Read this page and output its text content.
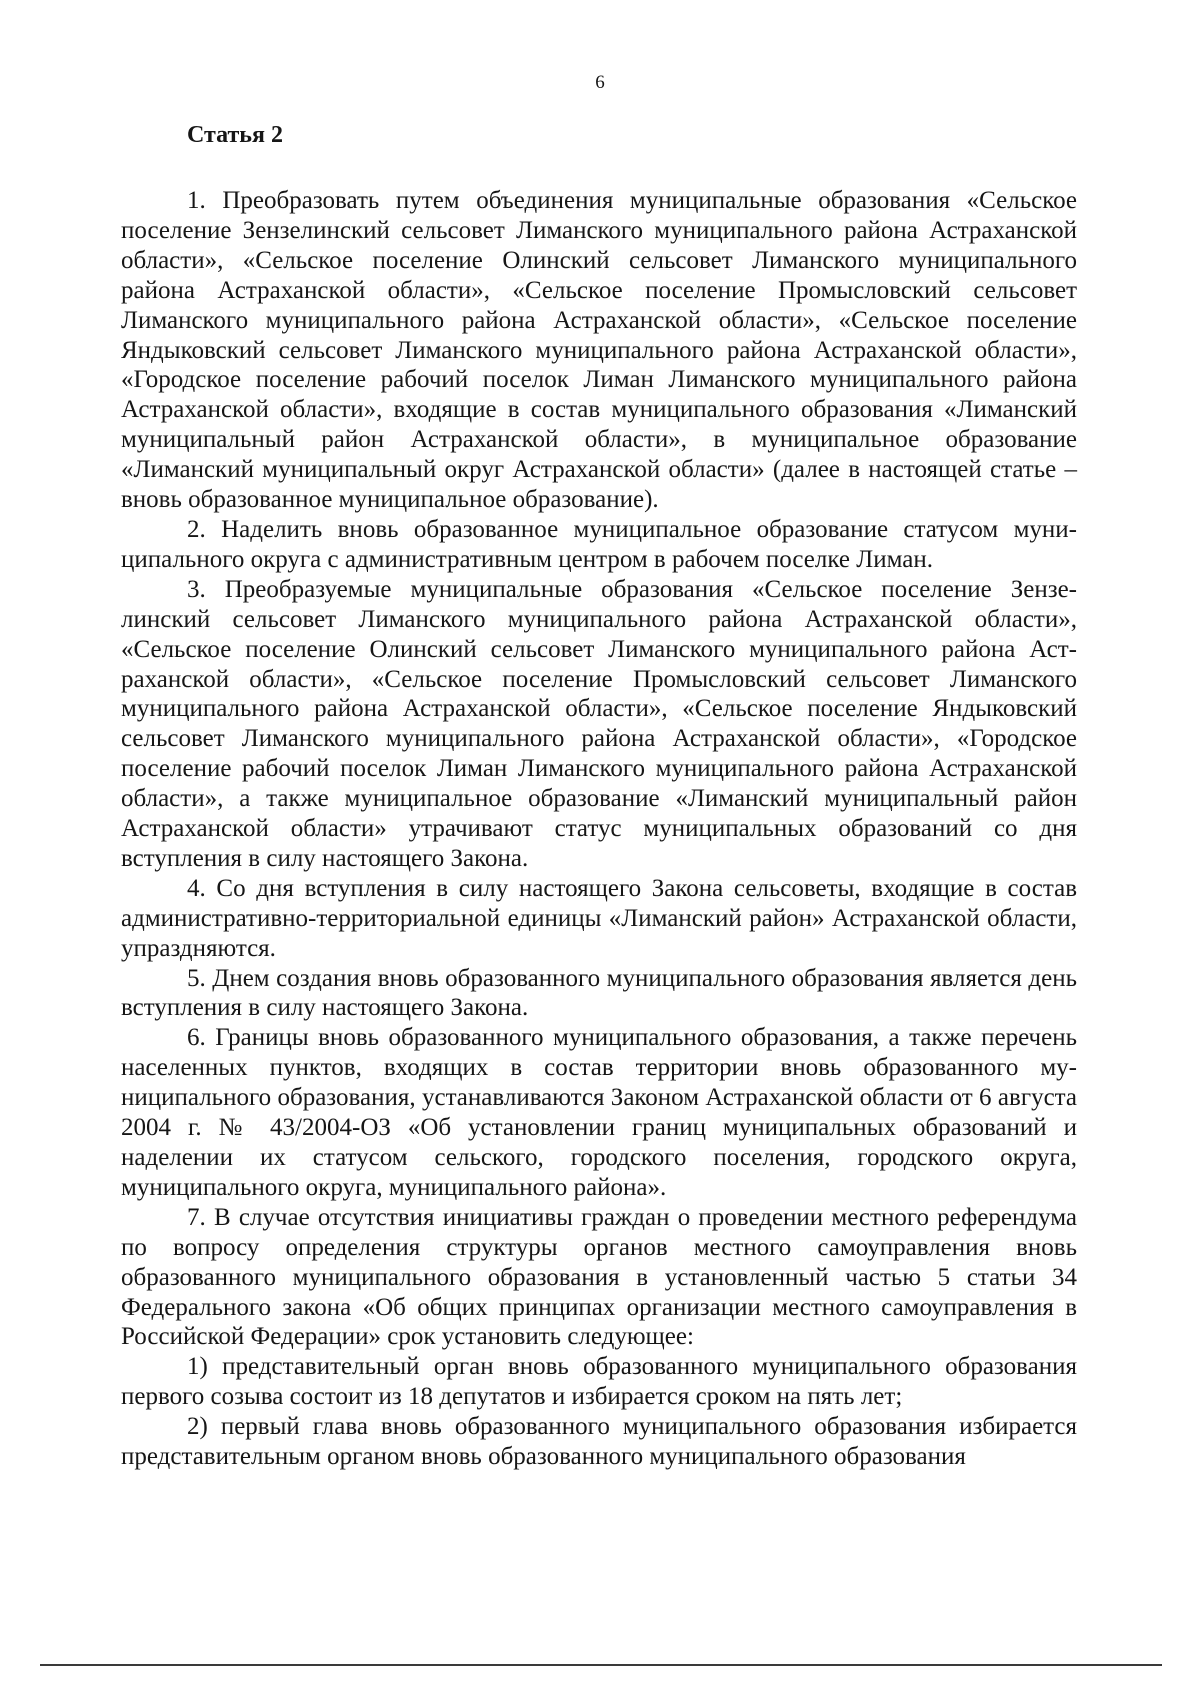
6
Статья 2

1. Преобразовать путем объединения муниципальные образования «Сельское поселение Зензелинский сельсовет Лиманского муниципального района Астраханской области», «Сельское поселение Олинский сельсовет Лиманского муниципального района Астраханской области», «Сельское поселение Промысловский сельсовет Лиманского муниципального района Астраханской области», «Сельское поселение Яндыковский сельсовет Лиманского муниципального района Астраханской области», «Городское поселение рабочий поселок Лиман Лиманского муниципального района Астраханской области», входящие в состав муниципального образования «Лиманский муниципальный район Астраханской области», в муниципальное образование «Лиманский муниципальный округ Астраханской области» (далее в настоящей статье – вновь образованное муниципальное образование).

2. Наделить вновь образованное муниципальное образование статусом муниципального округа с административным центром в рабочем поселке Лиман.

3. Преобразуемые муниципальные образования «Сельское поселение Зензелинский сельсовет Лиманского муниципального района Астраханской области», «Сельское поселение Олинский сельсовет Лиманского муниципального района Астраханской области», «Сельское поселение Промысловский сельсовет Лиманского муниципального района Астраханской области», «Сельское поселение Яндыковский сельсовет Лиманского муниципального района Астраханской области», «Городское поселение рабочий поселок Лиман Лиманского муниципального района Астраханской области», а также муниципальное образование «Лиманский муниципальный район Астраханской области» утрачивают статус муниципальных образований со дня вступления в силу настоящего Закона.

4. Со дня вступления в силу настоящего Закона сельсоветы, входящие в состав административно-территориальной единицы «Лиманский район» Астраханской области, упраздняются.

5. Днем создания вновь образованного муниципального образования является день вступления в силу настоящего Закона.

6. Границы вновь образованного муниципального образования, а также перечень населенных пунктов, входящих в состав территории вновь образованного муниципального образования, устанавливаются Законом Астраханской области от 6 августа 2004 г. № 43/2004-ОЗ «Об установлении границ муниципальных образований и наделении их статусом сельского, городского поселения, городского округа, муниципального округа, муниципального района».

7. В случае отсутствия инициативы граждан о проведении местного референдума по вопросу определения структуры органов местного самоуправления вновь образованного муниципального образования в установленный частью 5 статьи 34 Федерального закона «Об общих принципах организации местного самоуправления в Российской Федерации» срок установить следующее:

1) представительный орган вновь образованного муниципального образования первого созыва состоит из 18 депутатов и избирается сроком на пять лет;

2) первый глава вновь образованного муниципального образования избирается представительным органом вновь образованного муниципального образования
